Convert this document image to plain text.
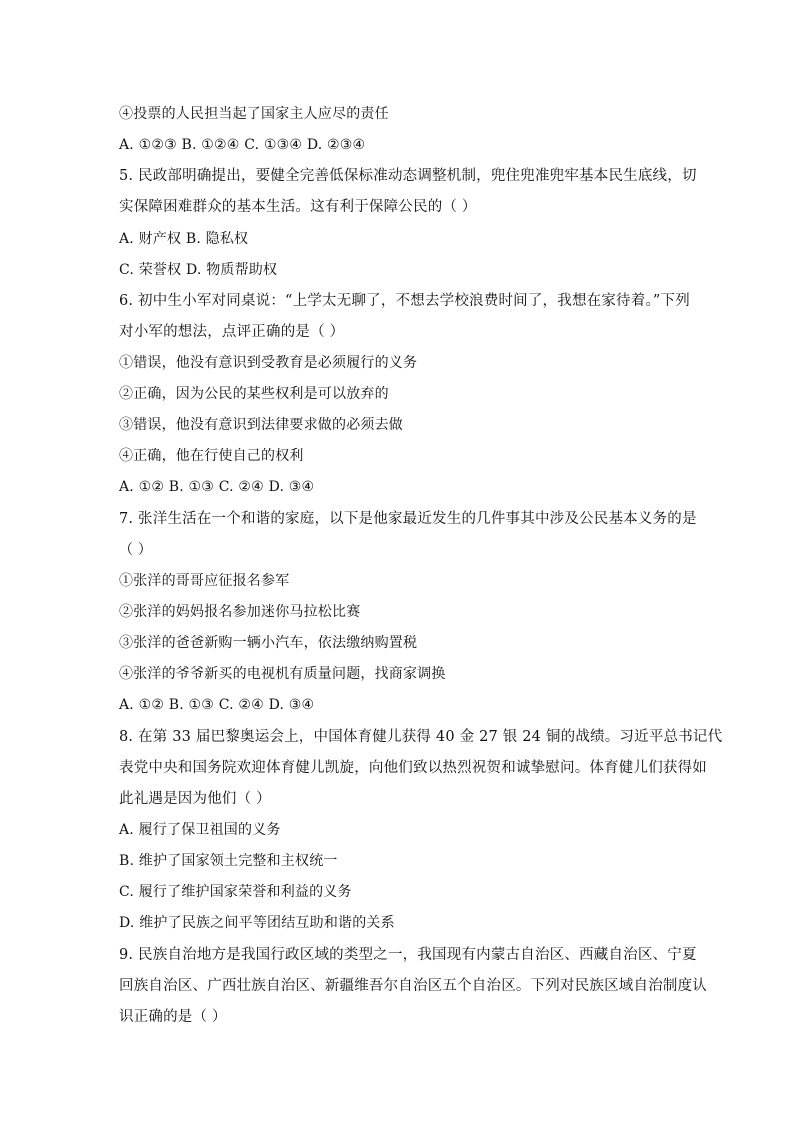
④投票的人民担当起了国家主人应尽的责任
A. ①②③ B. ①②④ C. ①③④ D. ②③④
5. 民政部明确提出，要健全完善低保标准动态调整机制，兜住兜准兜牢基本民生底线，切
实保障困难群众的基本生活。这有利于保障公民的（ ）
A. 财产权 B. 隐私权
C. 荣誉权 D. 物质帮助权
6. 初中生小军对同桌说：“上学太无聊了，不想去学校浪费时间了，我想在家待着。”下列
对小军的想法，点评正确的是（ ）
①错误，他没有意识到受教育是必须履行的义务
②正确，因为公民的某些权利是可以放弃的
③错误，他没有意识到法律要求做的必须去做
④正确，他在行使自己的权利
A. ①② B. ①③ C. ②④ D. ③④
7. 张洋生活在一个和谐的家庭，以下是他家最近发生的几件事其中涉及公民基本义务的是
（ ）
①张洋的哥哥应征报名参军
②张洋的妈妈报名参加迷你马拉松比赛
③张洋的爸爸新购一辆小汽车，依法缴纳购置税
④张洋的爷爷新买的电视机有质量问题，找商家调换
A. ①② B. ①③ C. ②④ D. ③④
8. 在第 33 届巴黎奥运会上，中国体育健儿获得 40 金 27 银 24 铜的战绩。习近平总书记代
表党中央和国务院欢迎体育健儿凯旋，向他们致以热烈祝贺和诚挚慰问。体育健儿们获得如
此礼遇是因为他们（ ）
A. 履行了保卫祖国的义务
B. 维护了国家领土完整和主权统一
C. 履行了维护国家荣誉和利益的义务
D. 维护了民族之间平等团结互助和谐的关系
9. 民族自治地方是我国行政区域的类型之一，我国现有内蒙古自治区、西藏自治区、宁夏
回族自治区、广西壮族自治区、新疆维吾尔自治区五个自治区。下列对民族区域自治制度认
识正确的是（ ）
